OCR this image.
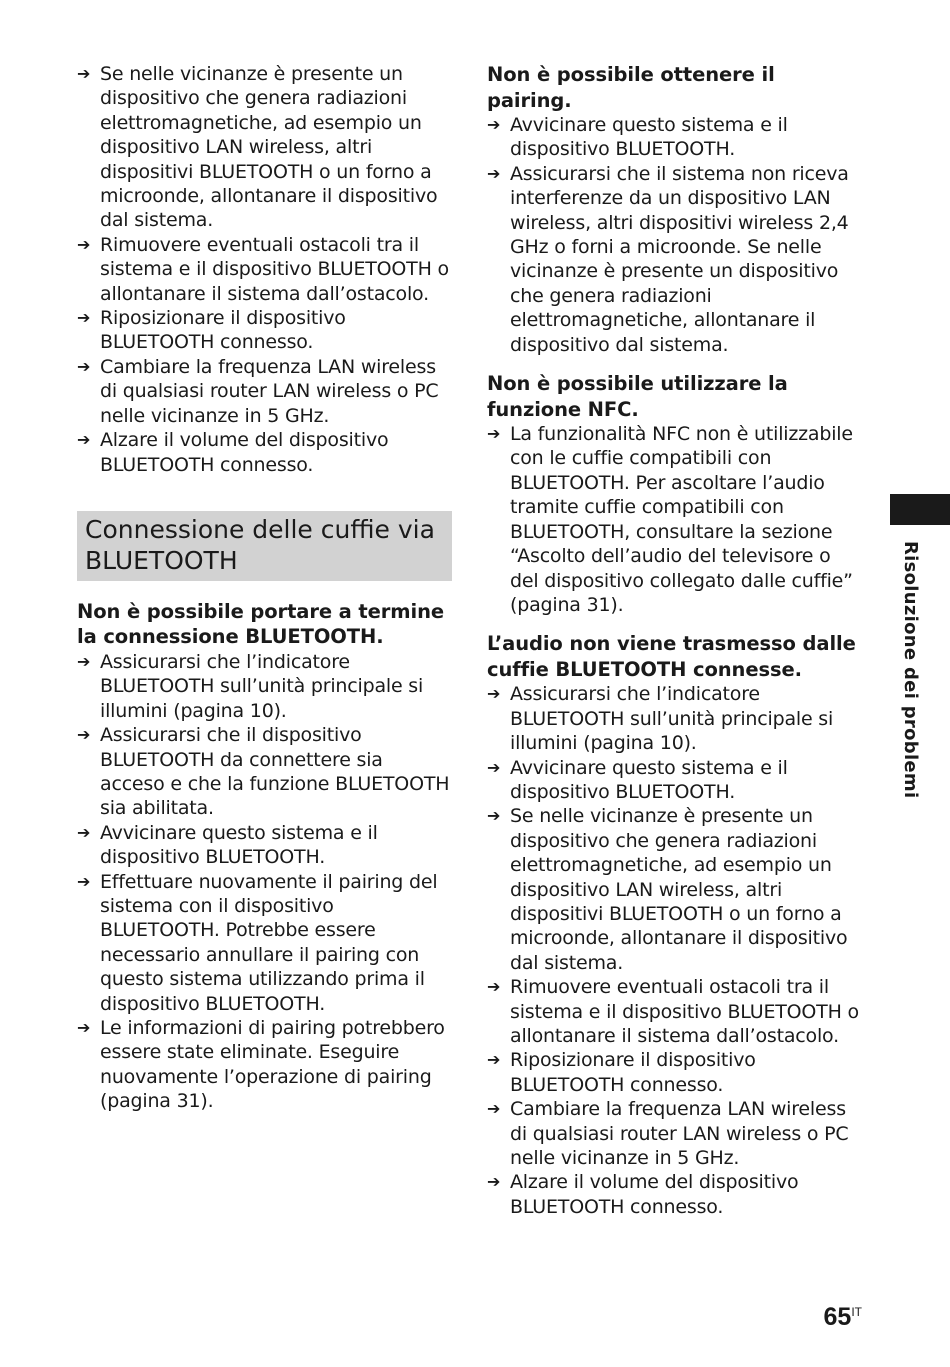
➔ Se nelle vicinanze è presente un dispositivo che genera radiazioni elettromagnetiche, ad esempio un dispositivo LAN wireless, altri dispositivi BLUETOOTH o un forno a microonde, allontanare il dispositivo dal sistema.
➔ Rimuovere eventuali ostacoli tra il sistema e il dispositivo BLUETOOTH o allontanare il sistema dall’ostacolo.
➔ Riposizionare il dispositivo BLUETOOTH connesso.
➔ Cambiare la frequenza LAN wireless di qualsiasi router LAN wireless o PC nelle vicinanze in 5 GHz.
➔ Alzare il volume del dispositivo BLUETOOTH connesso.
Connessione delle cuffie via BLUETOOTH
Non è possibile portare a termine la connessione BLUETOOTH.
➔ Assicurarsi che l’indicatore BLUETOOTH sull’unità principale si illumini (pagina 10).
➔ Assicurarsi che il dispositivo BLUETOOTH da connettere sia acceso e che la funzione BLUETOOTH sia abilitata.
➔ Avvicinare questo sistema e il dispositivo BLUETOOTH.
➔ Effettuare nuovamente il pairing del sistema con il dispositivo BLUETOOTH. Potrebbe essere necessario annullare il pairing con questo sistema utilizzando prima il dispositivo BLUETOOTH.
➔ Le informazioni di pairing potrebbero essere state eliminate. Eseguire nuovamente l’operazione di pairing (pagina 31).
Non è possibile ottenere il pairing.
➔ Avvicinare questo sistema e il dispositivo BLUETOOTH.
➔ Assicurarsi che il sistema non riceva interferenze da un dispositivo LAN wireless, altri dispositivi wireless 2,4 GHz o forni a microonde. Se nelle vicinanze è presente un dispositivo che genera radiazioni elettromagnetiche, allontanare il dispositivo dal sistema.
Non è possibile utilizzare la funzione NFC.
➔ La funzionalità NFC non è utilizzabile con le cuffie compatibili con BLUETOOTH. Per ascoltare l’audio tramite cuffie compatibili con BLUETOOTH, consultare la sezione “Ascolto dell’audio del televisore o del dispositivo collegato dalle cuffie” (pagina 31).
L’audio non viene trasmesso dalle cuffie BLUETOOTH connesse.
➔ Assicurarsi che l’indicatore BLUETOOTH sull’unità principale si illumini (pagina 10).
➔ Avvicinare questo sistema e il dispositivo BLUETOOTH.
➔ Se nelle vicinanze è presente un dispositivo che genera radiazioni elettromagnetiche, ad esempio un dispositivo LAN wireless, altri dispositivi BLUETOOTH o un forno a microonde, allontanare il dispositivo dal sistema.
➔ Rimuovere eventuali ostacoli tra il sistema e il dispositivo BLUETOOTH o allontanare il sistema dall’ostacolo.
➔ Riposizionare il dispositivo BLUETOOTH connesso.
➔ Cambiare la frequenza LAN wireless di qualsiasi router LAN wireless o PC nelle vicinanze in 5 GHz.
➔ Alzare il volume del dispositivo BLUETOOTH connesso.
Risoluzione dei problemi
$65^{IT}$
